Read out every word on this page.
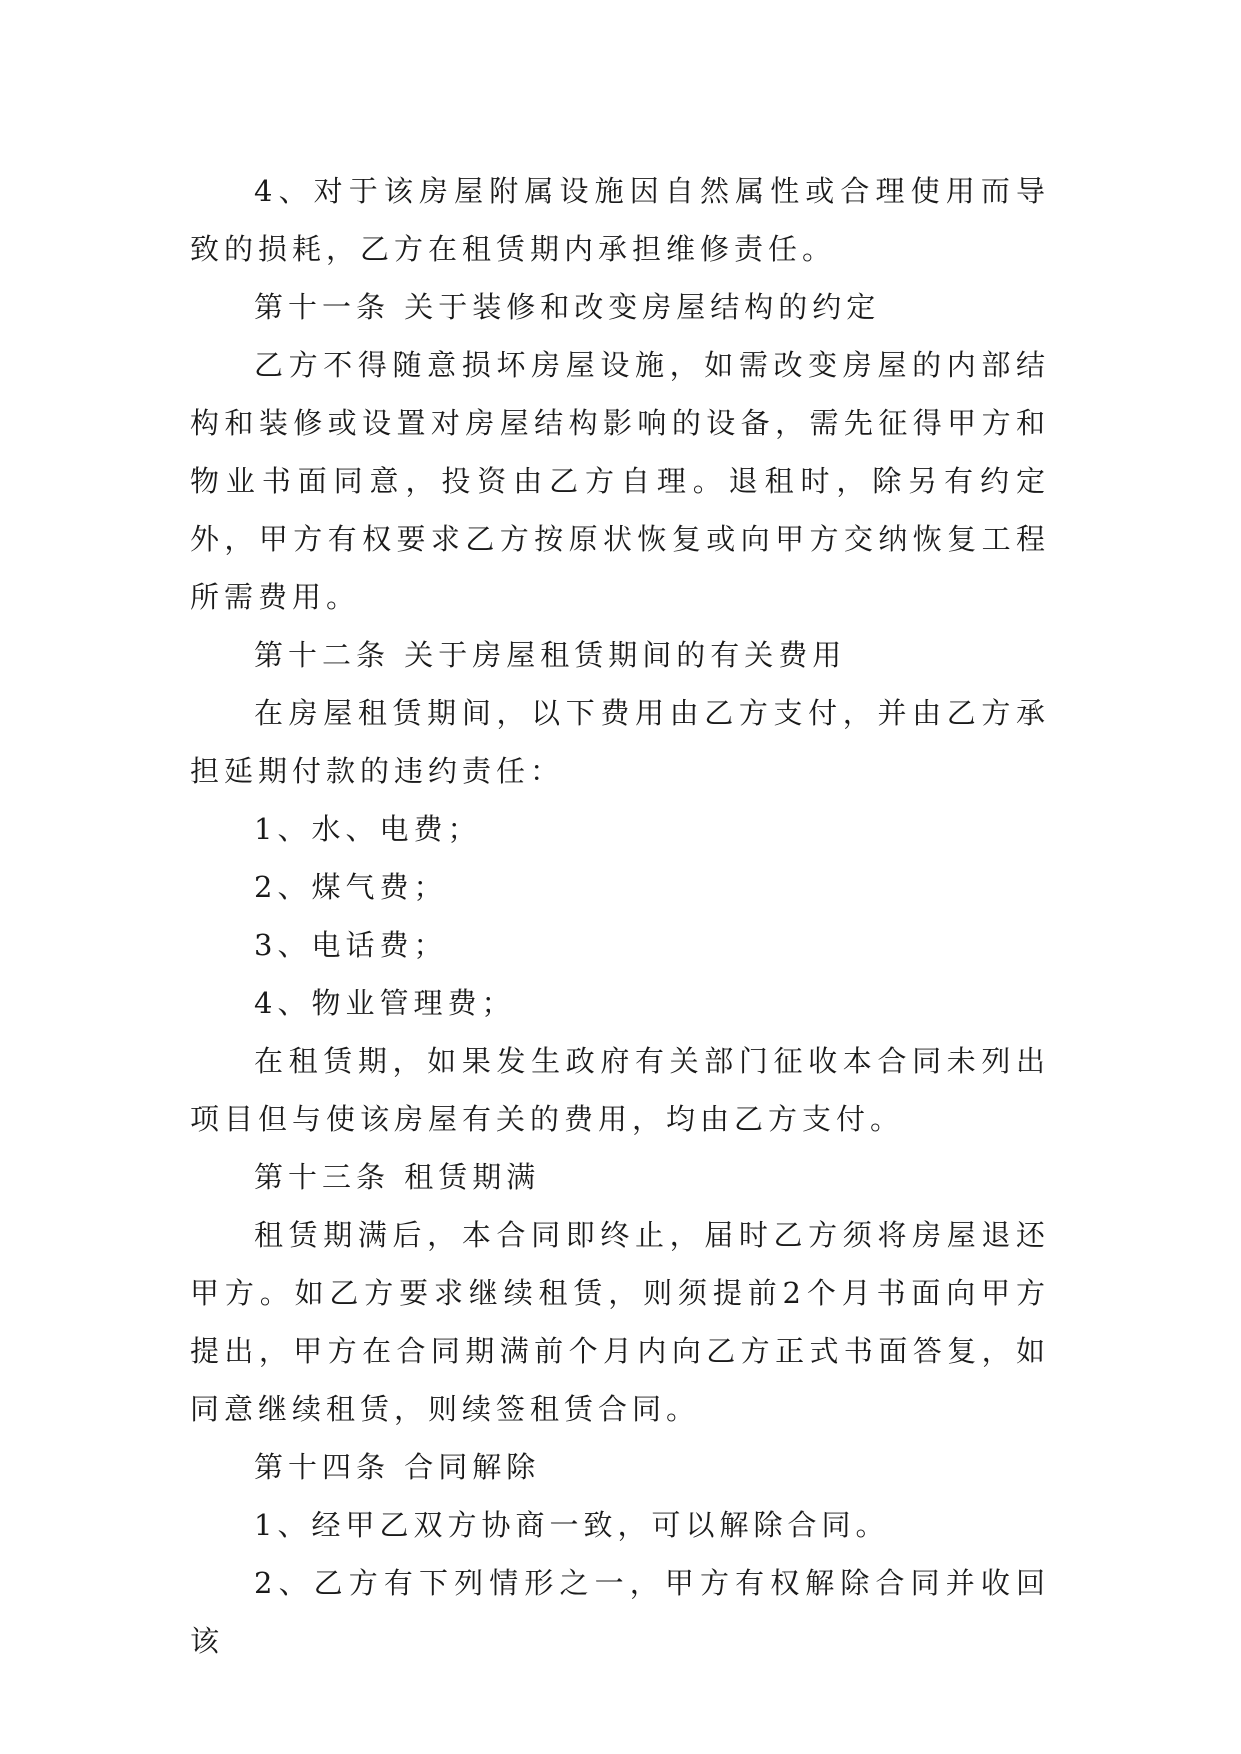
4、对于该房屋附属设施因自然属性或合理使用而导致的损耗，乙方在租赁期内承担维修责任。

第十一条 关于装修和改变房屋结构的约定

乙方不得随意损坏房屋设施，如需改变房屋的内部结构和装修或设置对房屋结构影响的设备，需先征得甲方和物业书面同意，投资由乙方自理。退租时，除另有约定外，甲方有权要求乙方按原状恢复或向甲方交纳恢复工程所需费用。

第十二条 关于房屋租赁期间的有关费用

在房屋租赁期间，以下费用由乙方支付，并由乙方承担延期付款的违约责任：

1、水、电费；

2、煤气费；

3、电话费；

4、物业管理费；

在租赁期，如果发生政府有关部门征收本合同未列出项目但与使该房屋有关的费用，均由乙方支付。

第十三条 租赁期满

租赁期满后，本合同即终止，届时乙方须将房屋退还甲方。如乙方要求继续租赁，则须提前2个月书面向甲方提出，甲方在合同期满前个月内向乙方正式书面答复，如同意继续租赁，则续签租赁合同。

第十四条 合同解除

1、经甲乙双方协商一致，可以解除合同。

2、乙方有下列情形之一，甲方有权解除合同并收回该
